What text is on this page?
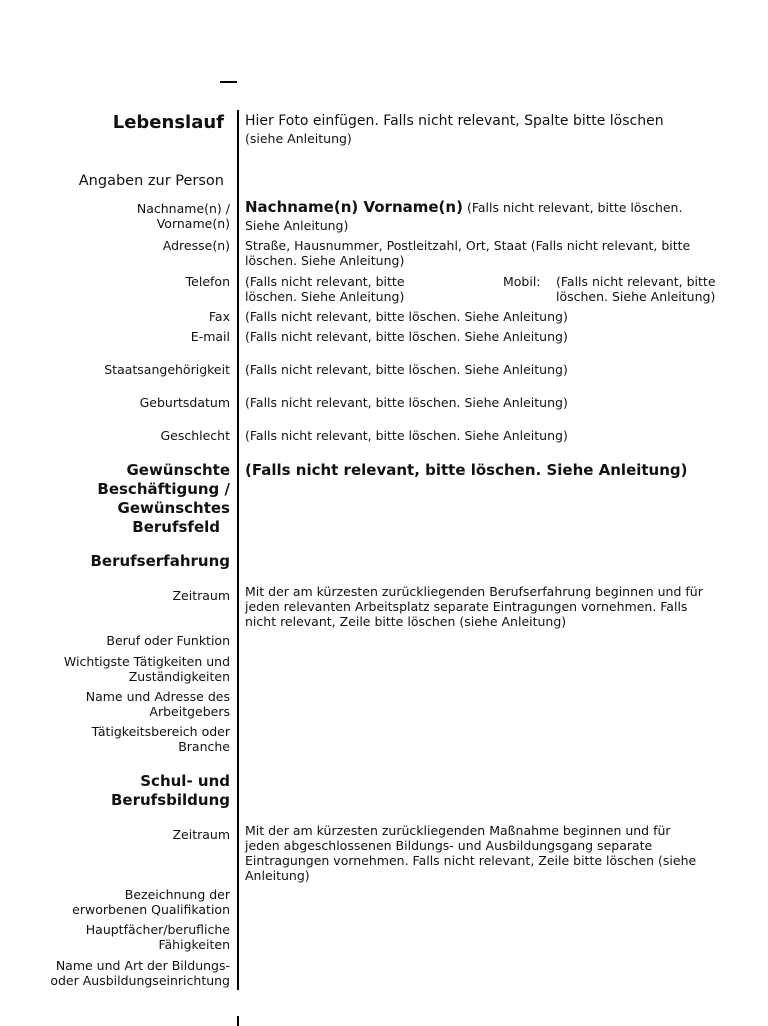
Lebenslauf Hier Foto einfügen. Falls nicht relevant, Spalte bitte löschen
(siehe Anleitung)
Angaben zur Person
Nachname(n) /
Vorname(n)
Nachname(n) Vorname(n) (Falls nicht relevant, bitte löschen.
Siehe Anleitung)
Adresse(n) Straße, Hausnummer, Postleitzahl, Ort, Staat (Falls nicht relevant, bitte
löschen. Siehe Anleitung)
Telefon (Falls nicht relevant, bitte
löschen. Siehe Anleitung)
Mobil: (Falls nicht relevant, bitte
löschen. Siehe Anleitung)
Fax (Falls nicht relevant, bitte löschen. Siehe Anleitung)
E-mail (Falls nicht relevant, bitte löschen. Siehe Anleitung)
Staatsangehörigkeit (Falls nicht relevant, bitte löschen. Siehe Anleitung)
Geburtsdatum (Falls nicht relevant, bitte löschen. Siehe Anleitung)
Geschlecht (Falls nicht relevant, bitte löschen. Siehe Anleitung)
Gewünschte
Beschäftigung /
Gewünschtes
Berufsfeld
(Falls nicht relevant, bitte löschen. Siehe Anleitung)
Berufserfahrung
Zeitraum Mit der am kürzesten zurückliegenden Berufserfahrung beginnen und für
jeden relevanten Arbeitsplatz separate Eintragungen vornehmen. Falls
nicht relevant, Zeile bitte löschen (siehe Anleitung)
Beruf oder Funktion
Wichtigste Tätigkeiten und
Zuständigkeiten
Name und Adresse des
Arbeitgebers
Tätigkeitsbereich oder
Branche
Schul- und
Berufsbildung
Zeitraum Mit der am kürzesten zurückliegenden Maßnahme beginnen und für
jeden abgeschlossenen Bildungs- und Ausbildungsgang separate
Eintragungen vornehmen. Falls nicht relevant, Zeile bitte löschen (siehe
Anleitung)
Bezeichnung der
erworbenen Qualifikation
Hauptfächer/berufliche
Fähigkeiten
Name und Art der Bildungs-
oder Ausbildungseinrichtung
